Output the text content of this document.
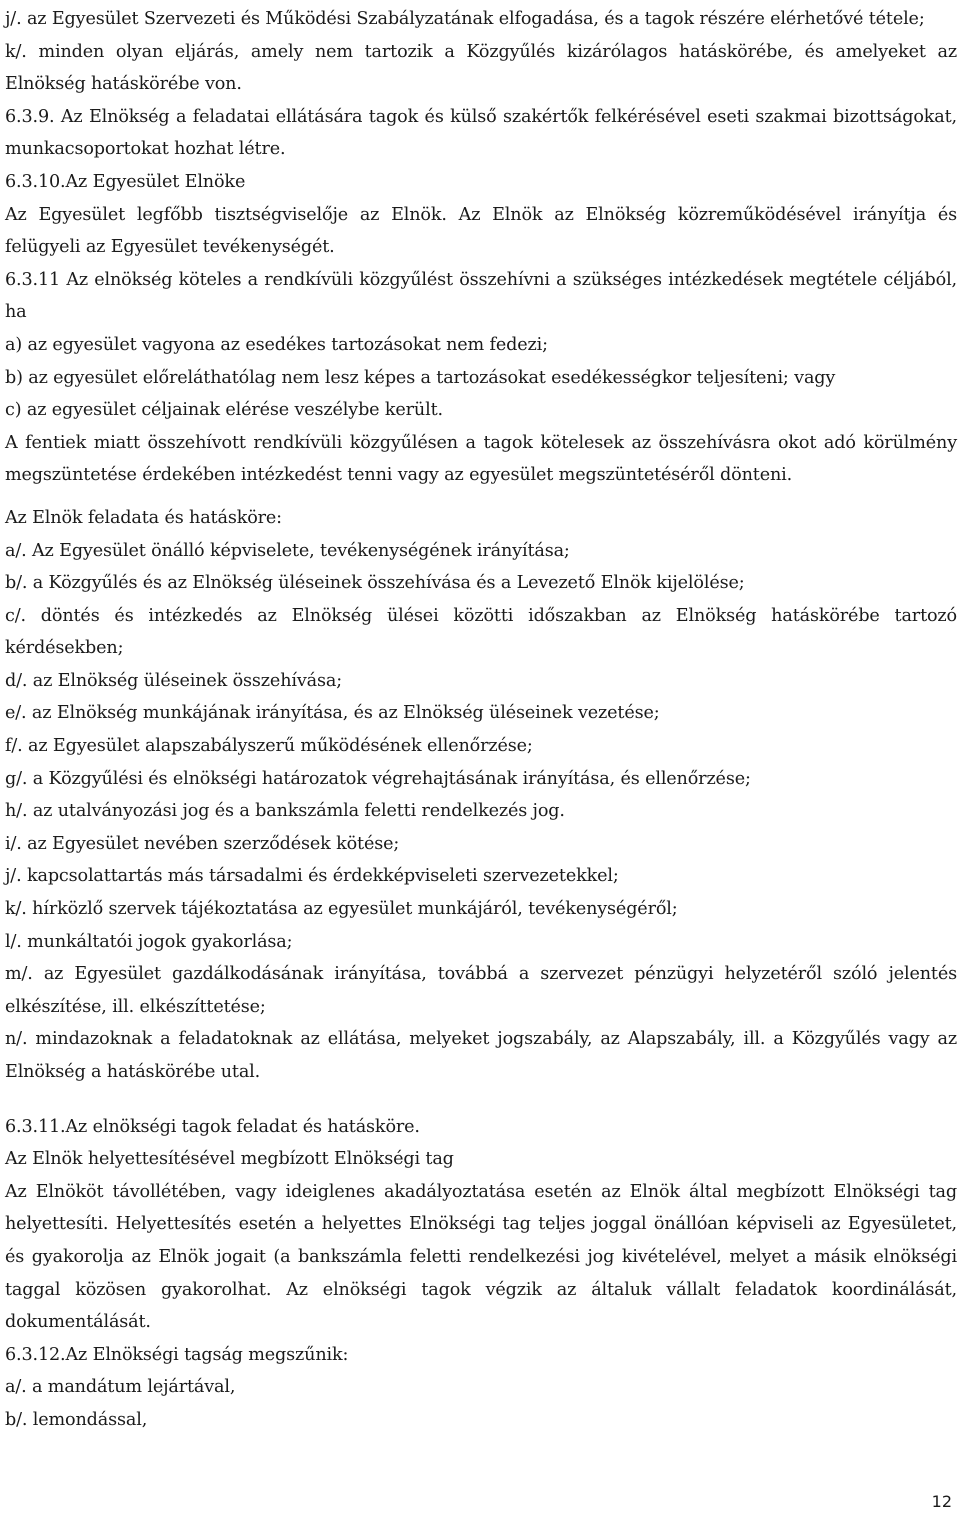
j/. az Egyesület Szervezeti és Működési Szabályzatának elfogadása, és a tagok részére elérhetővé tétele;

k/. minden olyan eljárás, amely nem tartozik a Közgyűlés kizárólagos hatáskörébe, és amelyeket az Elnökség hatáskörébe von.

6.3.9. Az Elnökség a feladatai ellátására tagok és külső szakértők felkérésével eseti szakmai bizottságokat, munkacsoportokat hozhat létre.

6.3.10.Az Egyesület Elnöke

Az Egyesület legfőbb tisztségviselője az Elnök. Az Elnök az Elnökség közreműködésével irányítja és felügyeli az Egyesület tevékenységét.

6.3.11 Az elnökség köteles a rendkívüli közgyűlést összehívni a szükséges intézkedések megtétele céljából, ha

a) az egyesület vagyona az esedékes tartozásokat nem fedezi;

b) az egyesület előreláthatólag nem lesz képes a tartozásokat esedékességkor teljesíteni; vagy

c) az egyesület céljainak elérése veszélybe került.

A fentiek miatt összehívott rendkívüli közgyűlésen a tagok kötelesek az összehívásra okot adó körülmény megszüntetése érdekében intézkedést tenni vagy az egyesület megszüntetéséről dönteni.

Az Elnök feladata és hatásköre:

a/. Az Egyesület önálló képviselete, tevékenységének irányítása;

b/. a Közgyűlés és az Elnökség üléseinek összehívása és a Levezető Elnök kijelölése;

c/. döntés és intézkedés az Elnökség ülései közötti időszakban az Elnökség hatáskörébe tartozó kérdésekben;

d/. az Elnökség üléseinek összehívása;

e/. az Elnökség munkájának irányítása, és az Elnökség üléseinek vezetése;

f/. az Egyesület alapszabályszerű működésének ellenőrzése;

g/. a Közgyűlési és elnökségi határozatok végrehajtásának irányítása, és ellenőrzése;

h/. az utalványozási jog és a bankszámla feletti rendelkezés jog.

i/. az Egyesület nevében szerződések kötése;

j/. kapcsolattartás más társadalmi és érdekképviseleti szervezetekkel;

k/. hírközlő szervek tájékoztatása az egyesület munkájáról, tevékenységéről;

l/. munkáltatói jogok gyakorlása;

m/. az Egyesület gazdálkodásának irányítása, továbbá a szervezet pénzügyi helyzetéről szóló jelentés elkészítése, ill. elkészíttetése;

n/. mindazoknak a feladatoknak az ellátása, melyeket jogszabály, az Alapszabály, ill. a Közgyűlés vagy az Elnökség a hatáskörébe utal.

6.3.11.Az elnökségi tagok feladat és hatásköre.

Az Elnök helyettesítésével megbízott Elnökségi tag

Az Elnököt távollétében, vagy ideiglenes akadályoztatása esetén az Elnök által megbízott Elnökségi tag helyettesíti. Helyettesítés esetén a helyettes Elnökségi tag teljes joggal önállóan képviseli az Egyesületet, és gyakorolja az Elnök jogait (a bankszámla feletti rendelkezési jog kivételével, melyet a másik elnökségi taggal közösen gyakorolhat. Az elnökségi tagok végzik az általuk vállalt feladatok koordinálását, dokumentálását.

6.3.12.Az Elnökségi tagság megszűnik:

a/. a mandátum lejártával,

b/. lemondással,

12
